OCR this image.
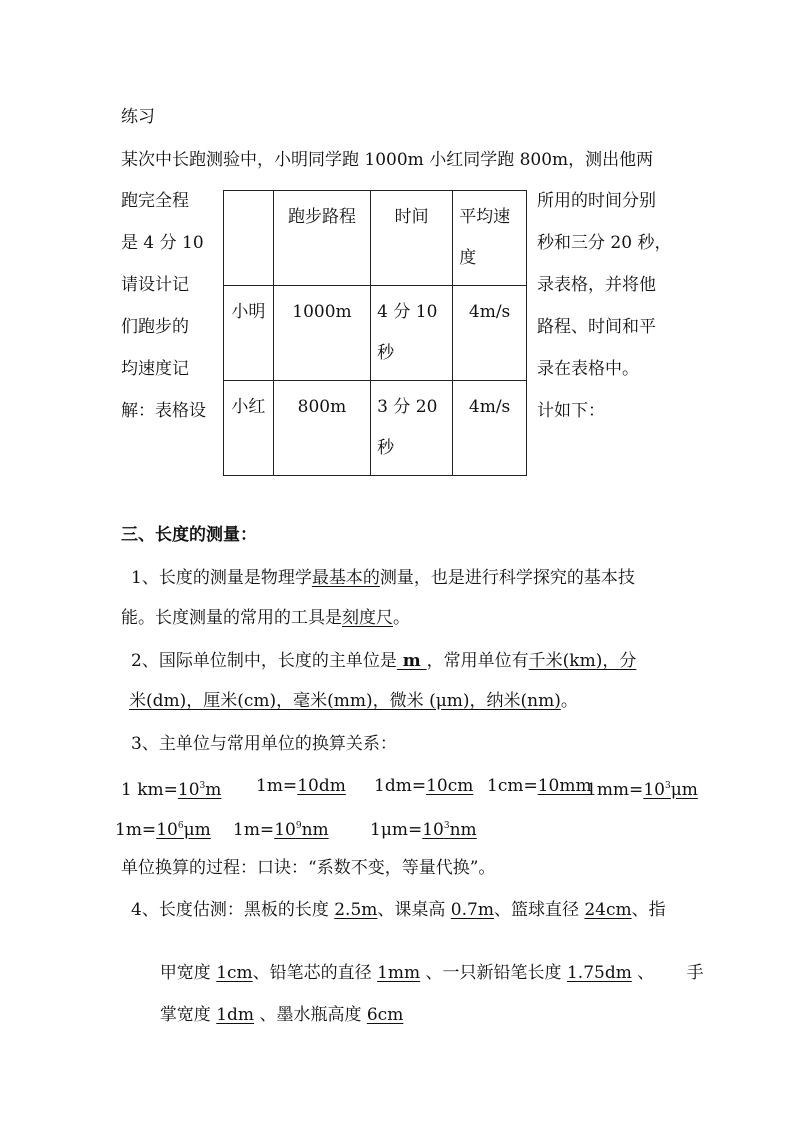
练习
某次中长跑测验中，小明同学跑 1000m 小红同学跑 800m，测出他两
跑完全程
是 4 分 10
请设计记
们跑步的
均速度记
解：表格设
	跑步路程	时间	平均速度
小明	1000m	4 分 10 秒	4m/s
小红	800m	3 分 20 秒	4m/s
所用的时间分别
秒和三分 20 秒，
录表格，并将他
路程、时间和平
录在表格中。
计如下：
三、长度的测量：
1、长度的测量是物理学最基本的测量，也是进行科学探究的基本技
能。长度测量的常用的工具是刻度尺。
2、国际单位制中，长度的主单位是 m ，常用单位有千米(km)，分
米(dm)，厘米(cm)，毫米(mm)，微米 (μm)，纳米(nm)。
3、主单位与常用单位的换算关系：
1 $km=10^3m$ 1m=10dm 1dm=10cm 1cm=10mm
$1mm=10^3\mu m$
$1m=10^6\mu m$ $1m=10^9nm$ $1\mu m=10^3nm$
单位换算的过程：口诀：“系数不变，等量代换”。
4、长度估测：黑板的长度 2.5m、课桌高 0.7m、篮球直径 24cm、指

甲宽度 1cm、铅笔芯的直径 1mm 、一只新铅笔长度 1.75dm 、      手

掌宽度 1dm 、墨水瓶高度 6cm
